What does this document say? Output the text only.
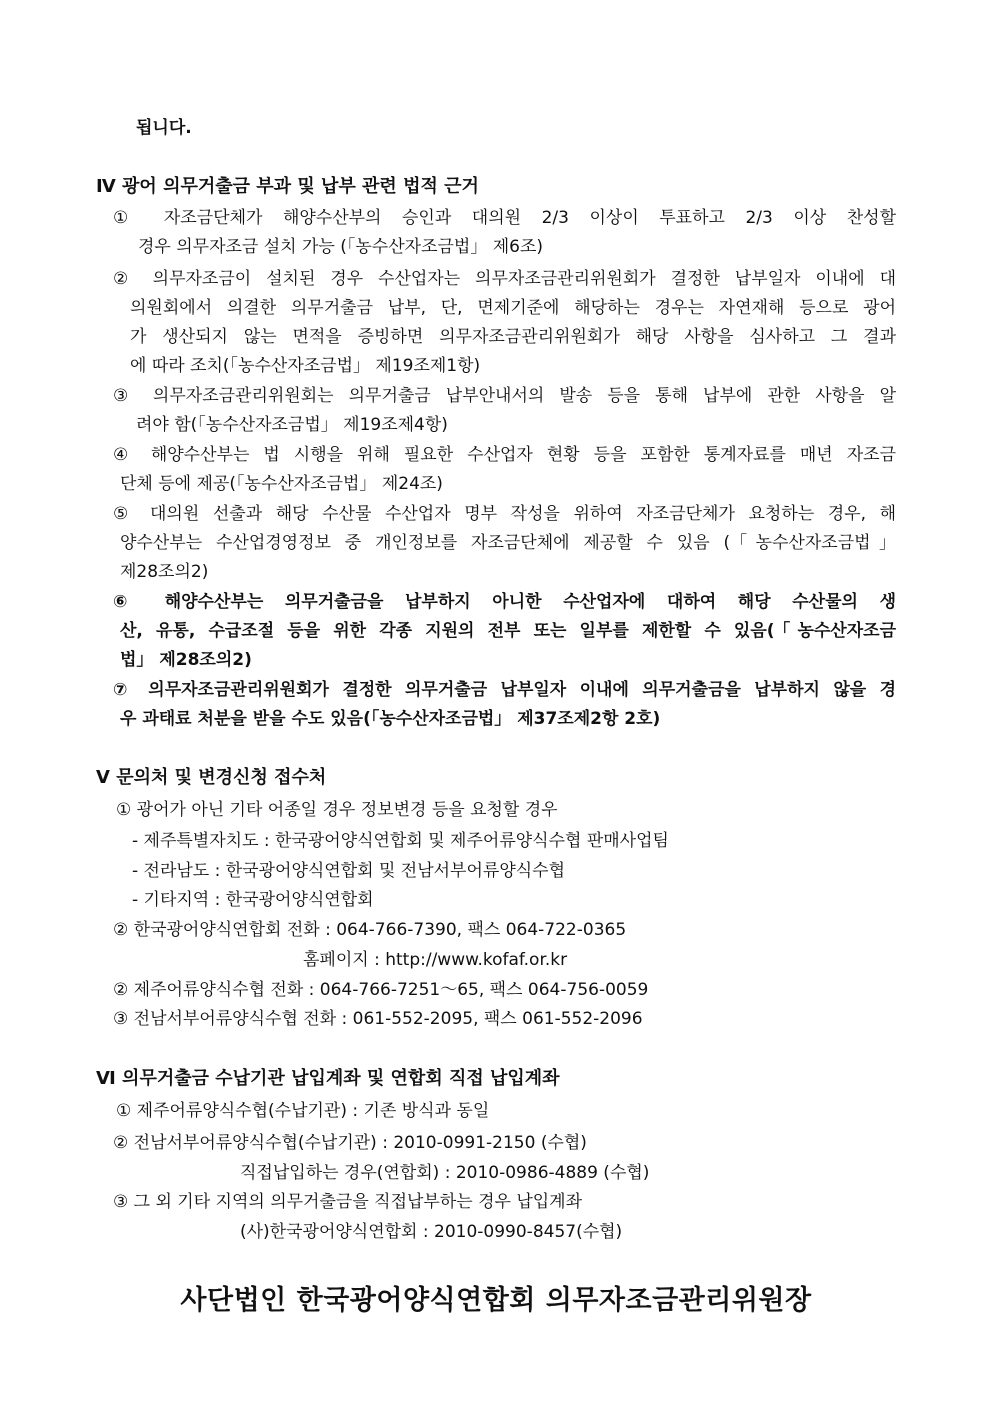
됩니다.
Ⅳ 광어 의무거출금 부과 및 납부 관련 법적 근거
① 자조금단체가 해양수산부의 승인과 대의원 2/3 이상이 투표하고 2/3 이상 찬성할
경우 의무자조금 설치 가능 (「농수산자조금법」 제6조)
② 의무자조금이 설치된 경우 수산업자는 의무자조금관리위원회가 결정한 납부일자 이내에 대
의원회에서 의결한 의무거출금 납부, 단, 면제기준에 해당하는 경우는 자연재해 등으로 광어
가 생산되지 않는 면적을 증빙하면 의무자조금관리위원회가 해당 사항을 심사하고 그 결과
에 따라 조치(「농수산자조금법」 제19조제1항)
③ 의무자조금관리위원회는 의무거출금 납부안내서의 발송 등을 통해 납부에 관한 사항을 알
려야 함(「농수산자조금법」 제19조제4항)
④ 해양수산부는 법 시행을 위해 필요한 수산업자 현황 등을 포함한 통계자료를 매년 자조금
단체 등에 제공(「농수산자조금법」 제24조)
⑤ 대의원 선출과 해당 수산물 수산업자 명부 작성을 위하여 자조금단체가 요청하는 경우, 해
양수산부는 수산업경영정보 중 개인정보를 자조금단체에 제공할 수 있음 (「농수산자조금법」
제28조의2)
⑥ 해양수산부는 의무거출금을 납부하지 아니한 수산업자에 대하여 해당 수산물의 생
산, 유통, 수급조절 등을 위한 각종 지원의 전부 또는 일부를 제한할 수 있음(「농수산자조금
법」 제28조의2)
⑦ 의무자조금관리위원회가 결정한 의무거출금 납부일자 이내에 의무거출금을 납부하지 않을 경
우 과태료 처분을 받을 수도 있음(「농수산자조금법」 제37조제2항 2호)
Ⅴ 문의처 및 변경신청 접수처
① 광어가 아닌 기타 어종일 경우 정보변경 등을 요청할 경우
- 제주특별자치도 : 한국광어양식연합회 및 제주어류양식수협 판매사업팀
- 전라남도 : 한국광어양식연합회 및 전남서부어류양식수협
- 기타지역 : 한국광어양식연합회
② 한국광어양식연합회 전화 : 064-766-7390, 팩스 064-722-0365
홈페이지 : http://www.kofaf.or.kr
② 제주어류양식수협 전화 : 064-766-7251～65, 팩스 064-756-0059
③ 전남서부어류양식수협 전화 : 061-552-2095, 팩스 061-552-2096
Ⅵ 의무거출금 수납기관 납입계좌 및 연합회 직접 납입계좌
① 제주어류양식수협(수납기관) : 기존 방식과 동일
② 전남서부어류양식수협(수납기관) : 2010-0991-2150 (수협)
직접납입하는 경우(연합회) : 2010-0986-4889 (수협)
③ 그 외 기타 지역의 의무거출금을 직접납부하는 경우 납입계좌
(사)한국광어양식연합회 : 2010-0990-8457(수협)
사단법인 한국광어양식연합회 의무자조금관리위원장
